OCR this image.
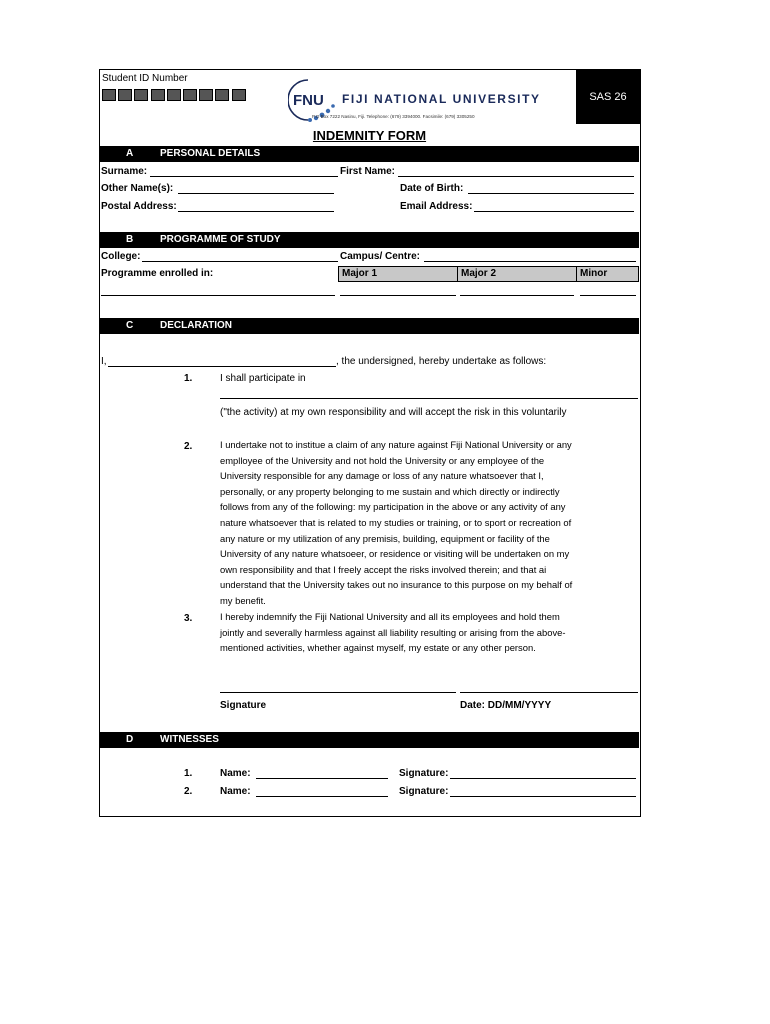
Student ID Number
FNU FIJI NATIONAL UNIVERSITY
P.O Box 7222 Nasinu, Fiji. Telephone: (679) 3394000. Facsimile: (679) 3305250
SAS 26
INDEMNITY FORM
A	PERSONAL DETAILS
Surname:	First Name:
Other Name(s):	Date of Birth:
Postal Address:	Email Address:
B	PROGRAMME OF STUDY
College:	Campus/ Centre:
Programme enrolled in:	Major 1	Major 2	Minor
C	DECLARATION
I,	, the undersigned, hereby undertake as follows:
1.	I shall participate in
("the activity) at my own responsibility and will accept the risk in this voluntarily
2.	I undertake not to institue a claim of any nature against Fiji National University or any
emplloyee of the University and not hold the University or any employee of the
University responsible for any damage or loss of any nature whatsoever that I,
personally, or any property belonging to me sustain and which directly or indirectly
follows from any of the following: my participation in the above or any activity of any
nature whatsoever that is related to my studies or training, or to sport or recreation of
any nature or my utilization of any premisis, building, equipment or facility of the
University of any nature whatsoeer, or residence or visiting will be undertaken on my
own responsibility and that I freely accept the risks involved therein; and that ai
understand that the University takes out no insurance to this purpose on my behalf of
my benefit.
3.	I hereby indemnify the Fiji National University and all its employees and hold them
jointly and severally harmless against all liability resulting or arising from the above-
mentioned activities, whether against myself, my estate or any other person.
Signature	Date: DD/MM/YYYY
D	WITNESSES
1.	Name:	Signature:
2.	Name:	Signature:
